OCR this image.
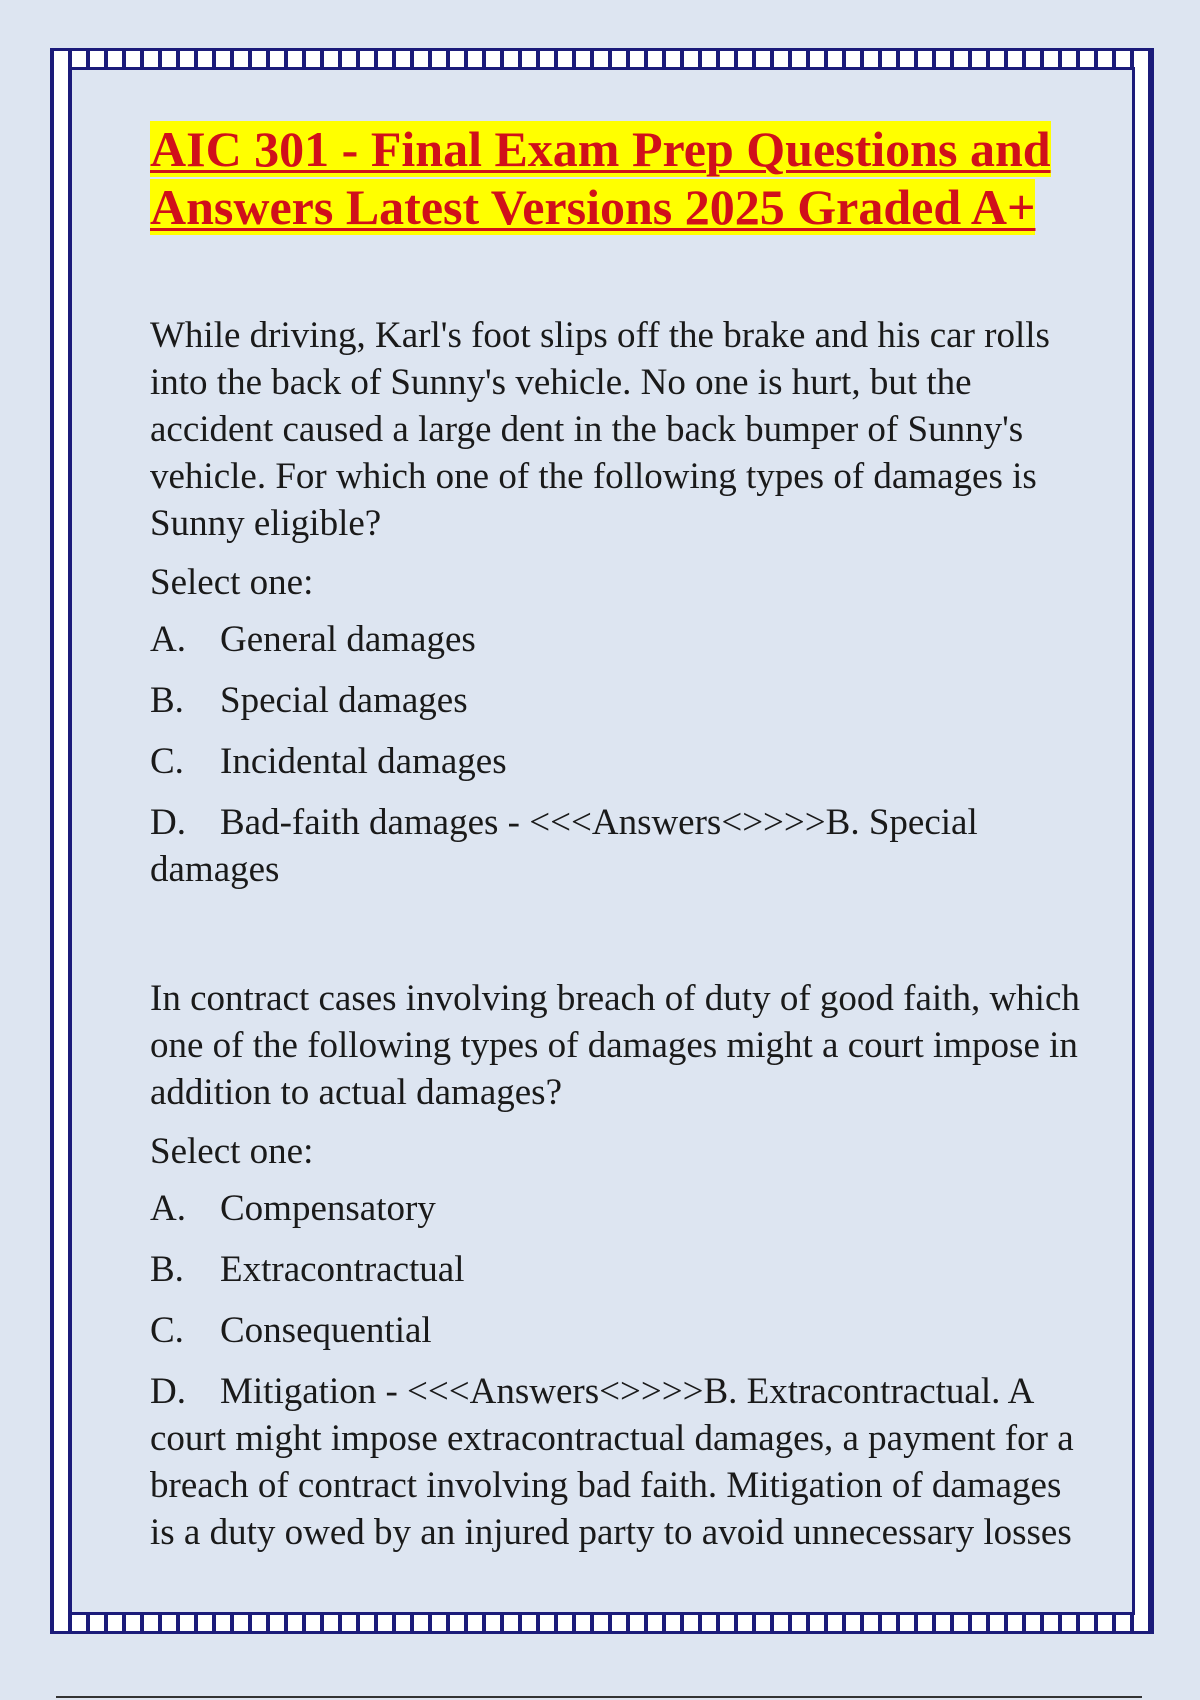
AIC 301 - Final Exam Prep Questions and Answers Latest Versions 2025 Graded A+

While driving, Karl's foot slips off the brake and his car rolls into the back of Sunny's vehicle. No one is hurt, but the accident caused a large dent in the back bumper of Sunny's vehicle. For which one of the following types of damages is Sunny eligible?

Select one:

A. General damages
B. Special damages
C. Incidental damages
D. Bad-faith damages - <<<Answers<>>>>B. Special damages

In contract cases involving breach of duty of good faith, which one of the following types of damages might a court impose in addition to actual damages?

Select one:

A. Compensatory
B. Extracontractual
C. Consequential
D. Mitigation - <<<Answers<>>>>B. Extracontractual. A court might impose extracontractual damages, a payment for a breach of contract involving bad faith. Mitigation of damages is a duty owed by an injured party to avoid unnecessary losses
